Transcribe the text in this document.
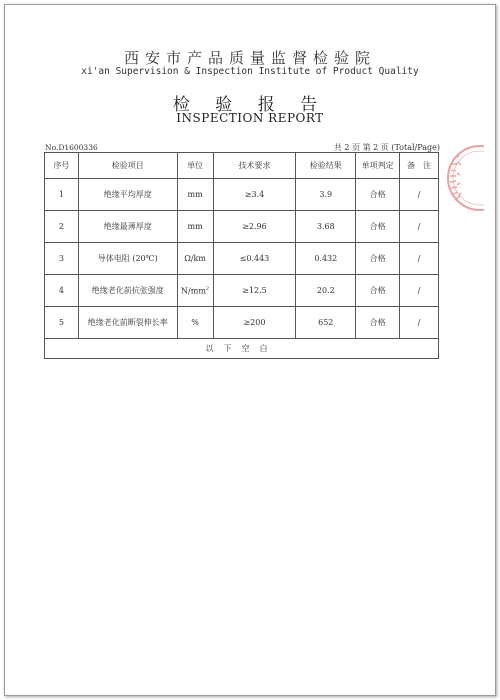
西安市产品质量监督检验院
xi'an Supervision & Inspection Institute of Product Quality
检 验 报 告
INSPECTION REPORT
No.D1600336	共 2 页 第 2 页 (Total/Page)
序号	检验项目	单位	技术要求	检验结果	单项判定	备　注
1	绝缘平均厚度	mm	≥3.4	3.9	合格	/
2	绝缘最薄厚度	mm	≥2.96	3.68	合格	/
3	导体电阻 (20℃)	Ω/km	≤0.443	0.432	合格	/
4	绝缘老化前抗张强度	$N/mm^2$	≥12.5	20.2	合格	/
5	绝缘老化前断裂伸长率	%	≥200	652	合格	/
以下空白						
